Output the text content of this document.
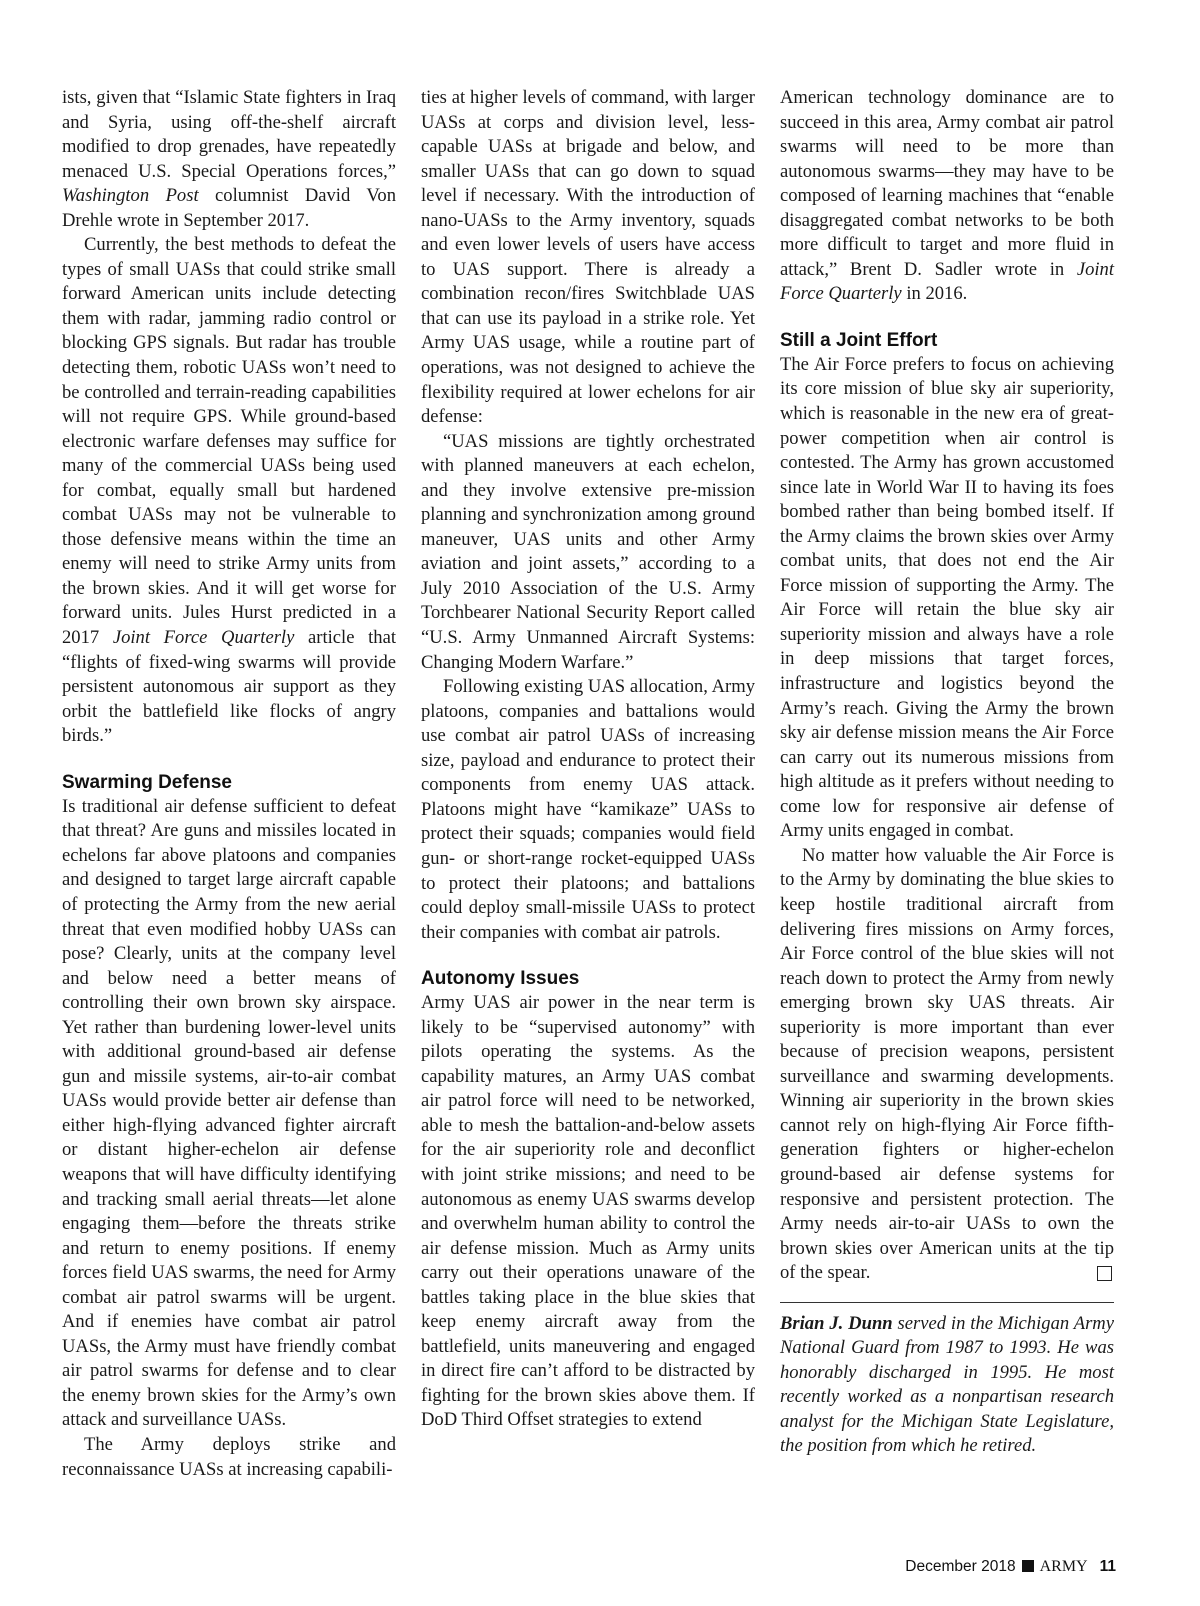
ists, given that “Islamic State fighters in Iraq and Syria, using off-the-shelf aircraft modified to drop grenades, have repeatedly menaced U.S. Special Operations forces,” Washington Post columnist David Von Drehle wrote in September 2017.

Currently, the best methods to defeat the types of small UASs that could strike small forward American units include detecting them with radar, jamming radio control or blocking GPS signals. But radar has trouble detecting them, robotic UASs won’t need to be controlled and terrain-reading capabilities will not require GPS. While ground-based electronic warfare defenses may suffice for many of the commercial UASs being used for combat, equally small but hardened combat UASs may not be vulnerable to those defensive means within the time an enemy will need to strike Army units from the brown skies. And it will get worse for forward units. Jules Hurst predicted in a 2017 Joint Force Quarterly article that “flights of fixed-wing swarms will provide persistent autonomous air support as they orbit the battlefield like flocks of angry birds.”

Swarming Defense

Is traditional air defense sufficient to defeat that threat? Are guns and missiles located in echelons far above platoons and companies and designed to target large aircraft capable of protecting the Army from the new aerial threat that even modified hobby UASs can pose? Clearly, units at the company level and below need a better means of controlling their own brown sky airspace. Yet rather than burdening lower-level units with additional ground-based air defense gun and missile systems, air-to-air combat UASs would provide better air defense than either high-flying advanced fighter aircraft or distant higher-echelon air defense weapons that will have difficulty identifying and tracking small aerial threats—let alone engaging them—before the threats strike and return to enemy positions. If enemy forces field UAS swarms, the need for Army combat air patrol swarms will be urgent. And if enemies have combat air patrol UASs, the Army must have friendly combat air patrol swarms for defense and to clear the enemy brown skies for the Army’s own attack and surveillance UASs.

The Army deploys strike and reconnaissance UASs at increasing capabili-

ties at higher levels of command, with larger UASs at corps and division level, less-capable UASs at brigade and below, and smaller UASs that can go down to squad level if necessary. With the introduction of nano-UASs to the Army inventory, squads and even lower levels of users have access to UAS support. There is already a combination recon/fires Switchblade UAS that can use its payload in a strike role. Yet Army UAS usage, while a routine part of operations, was not designed to achieve the flexibility required at lower echelons for air defense:

“UAS missions are tightly orchestrated with planned maneuvers at each echelon, and they involve extensive pre-mission planning and synchronization among ground maneuver, UAS units and other Army aviation and joint assets,” according to a July 2010 Association of the U.S. Army Torchbearer National Security Report called “U.S. Army Unmanned Aircraft Systems: Changing Modern Warfare.”

Following existing UAS allocation, Army platoons, companies and battalions would use combat air patrol UASs of increasing size, payload and endurance to protect their components from enemy UAS attack. Platoons might have “kamikaze” UASs to protect their squads; companies would field gun- or short-range rocket-equipped UASs to protect their platoons; and battalions could deploy small-missile UASs to protect their companies with combat air patrols.

Autonomy Issues

Army UAS air power in the near term is likely to be “supervised autonomy” with pilots operating the systems. As the capability matures, an Army UAS combat air patrol force will need to be networked, able to mesh the battalion-and-below assets for the air superiority role and deconflict with joint strike missions; and need to be autonomous as enemy UAS swarms develop and overwhelm human ability to control the air defense mission. Much as Army units carry out their operations unaware of the battles taking place in the blue skies that keep enemy aircraft away from the battlefield, units maneuvering and engaged in direct fire can’t afford to be distracted by fighting for the brown skies above them. If DoD Third Offset strategies to extend

American technology dominance are to succeed in this area, Army combat air patrol swarms will need to be more than autonomous swarms—they may have to be composed of learning machines that “enable disaggregated combat networks to be both more difficult to target and more fluid in attack,” Brent D. Sadler wrote in Joint Force Quarterly in 2016.

Still a Joint Effort

The Air Force prefers to focus on achieving its core mission of blue sky air superiority, which is reasonable in the new era of great-power competition when air control is contested. The Army has grown accustomed since late in World War II to having its foes bombed rather than being bombed itself. If the Army claims the brown skies over Army combat units, that does not end the Air Force mission of supporting the Army. The Air Force will retain the blue sky air superiority mission and always have a role in deep missions that target forces, infrastructure and logistics beyond the Army’s reach. Giving the Army the brown sky air defense mission means the Air Force can carry out its numerous missions from high altitude as it prefers without needing to come low for responsive air defense of Army units engaged in combat.

No matter how valuable the Air Force is to the Army by dominating the blue skies to keep hostile traditional aircraft from delivering fires missions on Army forces, Air Force control of the blue skies will not reach down to protect the Army from newly emerging brown sky UAS threats. Air superiority is more important than ever because of precision weapons, persistent surveillance and swarming developments. Winning air superiority in the brown skies cannot rely on high-flying Air Force fifth-generation fighters or higher-echelon ground-based air defense systems for responsive and persistent protection. The Army needs air-to-air UASs to own the brown skies over American units at the tip of the spear.

Brian J. Dunn served in the Michigan Army National Guard from 1987 to 1993. He was honorably discharged in 1995. He most recently worked as a nonpartisan research analyst for the Michigan State Legislature, the position from which he retired.

December 2018 ARMY 11
